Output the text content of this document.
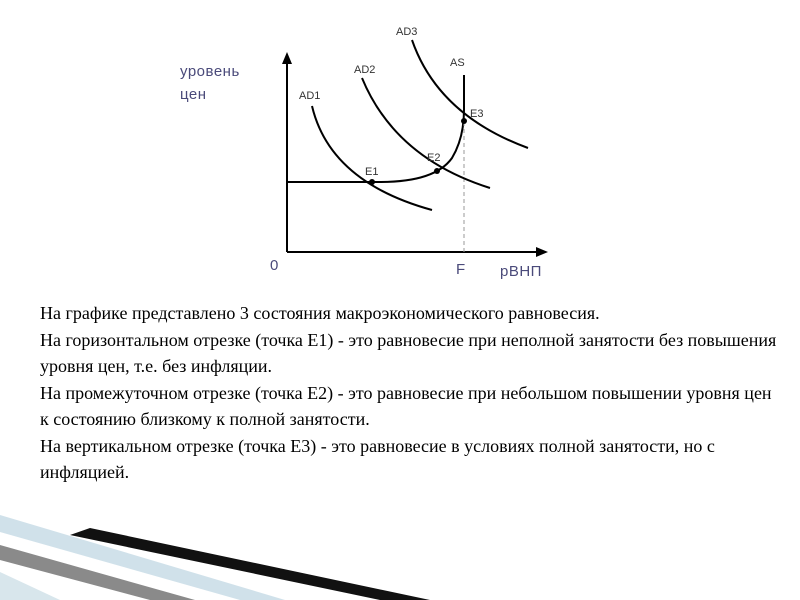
уровень
цен
0	F рВНП
AD1
AD2
AD3
AS
E1
E2
E3

На графике представлено 3 состояния макроэкономического равновесия.

На горизонтальном отрезке (точка Е1) - это равновесие при неполной занятости без повышения уровня цен, т.е. без инфляции.

На промежуточном отрезке (точка Е2) - это равновесие при небольшом повышении уровня цен к состоянию близкому к полной занятости.

На вертикальном отрезке (точка Е3) - это равновесие в условиях полной занятости, но с инфляцией.
